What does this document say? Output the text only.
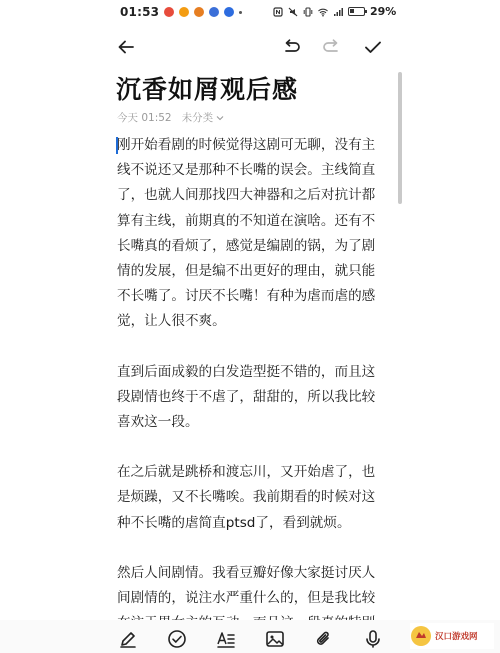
01:53	29%
沉香如屑观后感
今天 01:52 未分类

刚开始看剧的时候觉得这剧可无聊，没有主
线不说还又是那种不长嘴的误会。主线简直
了，也就人间那找四大神器和之后对抗计都
算有主线，前期真的不知道在演啥。还有不
长嘴真的看烦了，感觉是编剧的锅，为了剧
情的发展，但是编不出更好的理由，就只能
不长嘴了。讨厌不长嘴！有种为虐而虐的感
觉，让人很不爽。

直到后面成毅的白发造型挺不错的，而且这
段剧情也终于不虐了，甜甜的，所以我比较
喜欢这一段。

在之后就是跳桥和渡忘川，又开始虐了，也
是烦躁，又不长嘴唉。我前期看的时候对这
种不长嘴的虐简直ptsd了，看到就烦。

然后人间剧情。我看豆瓣好像大家挺讨厌人
间剧情的，说注水严重什么的，但是我比较

汉口游戏网
